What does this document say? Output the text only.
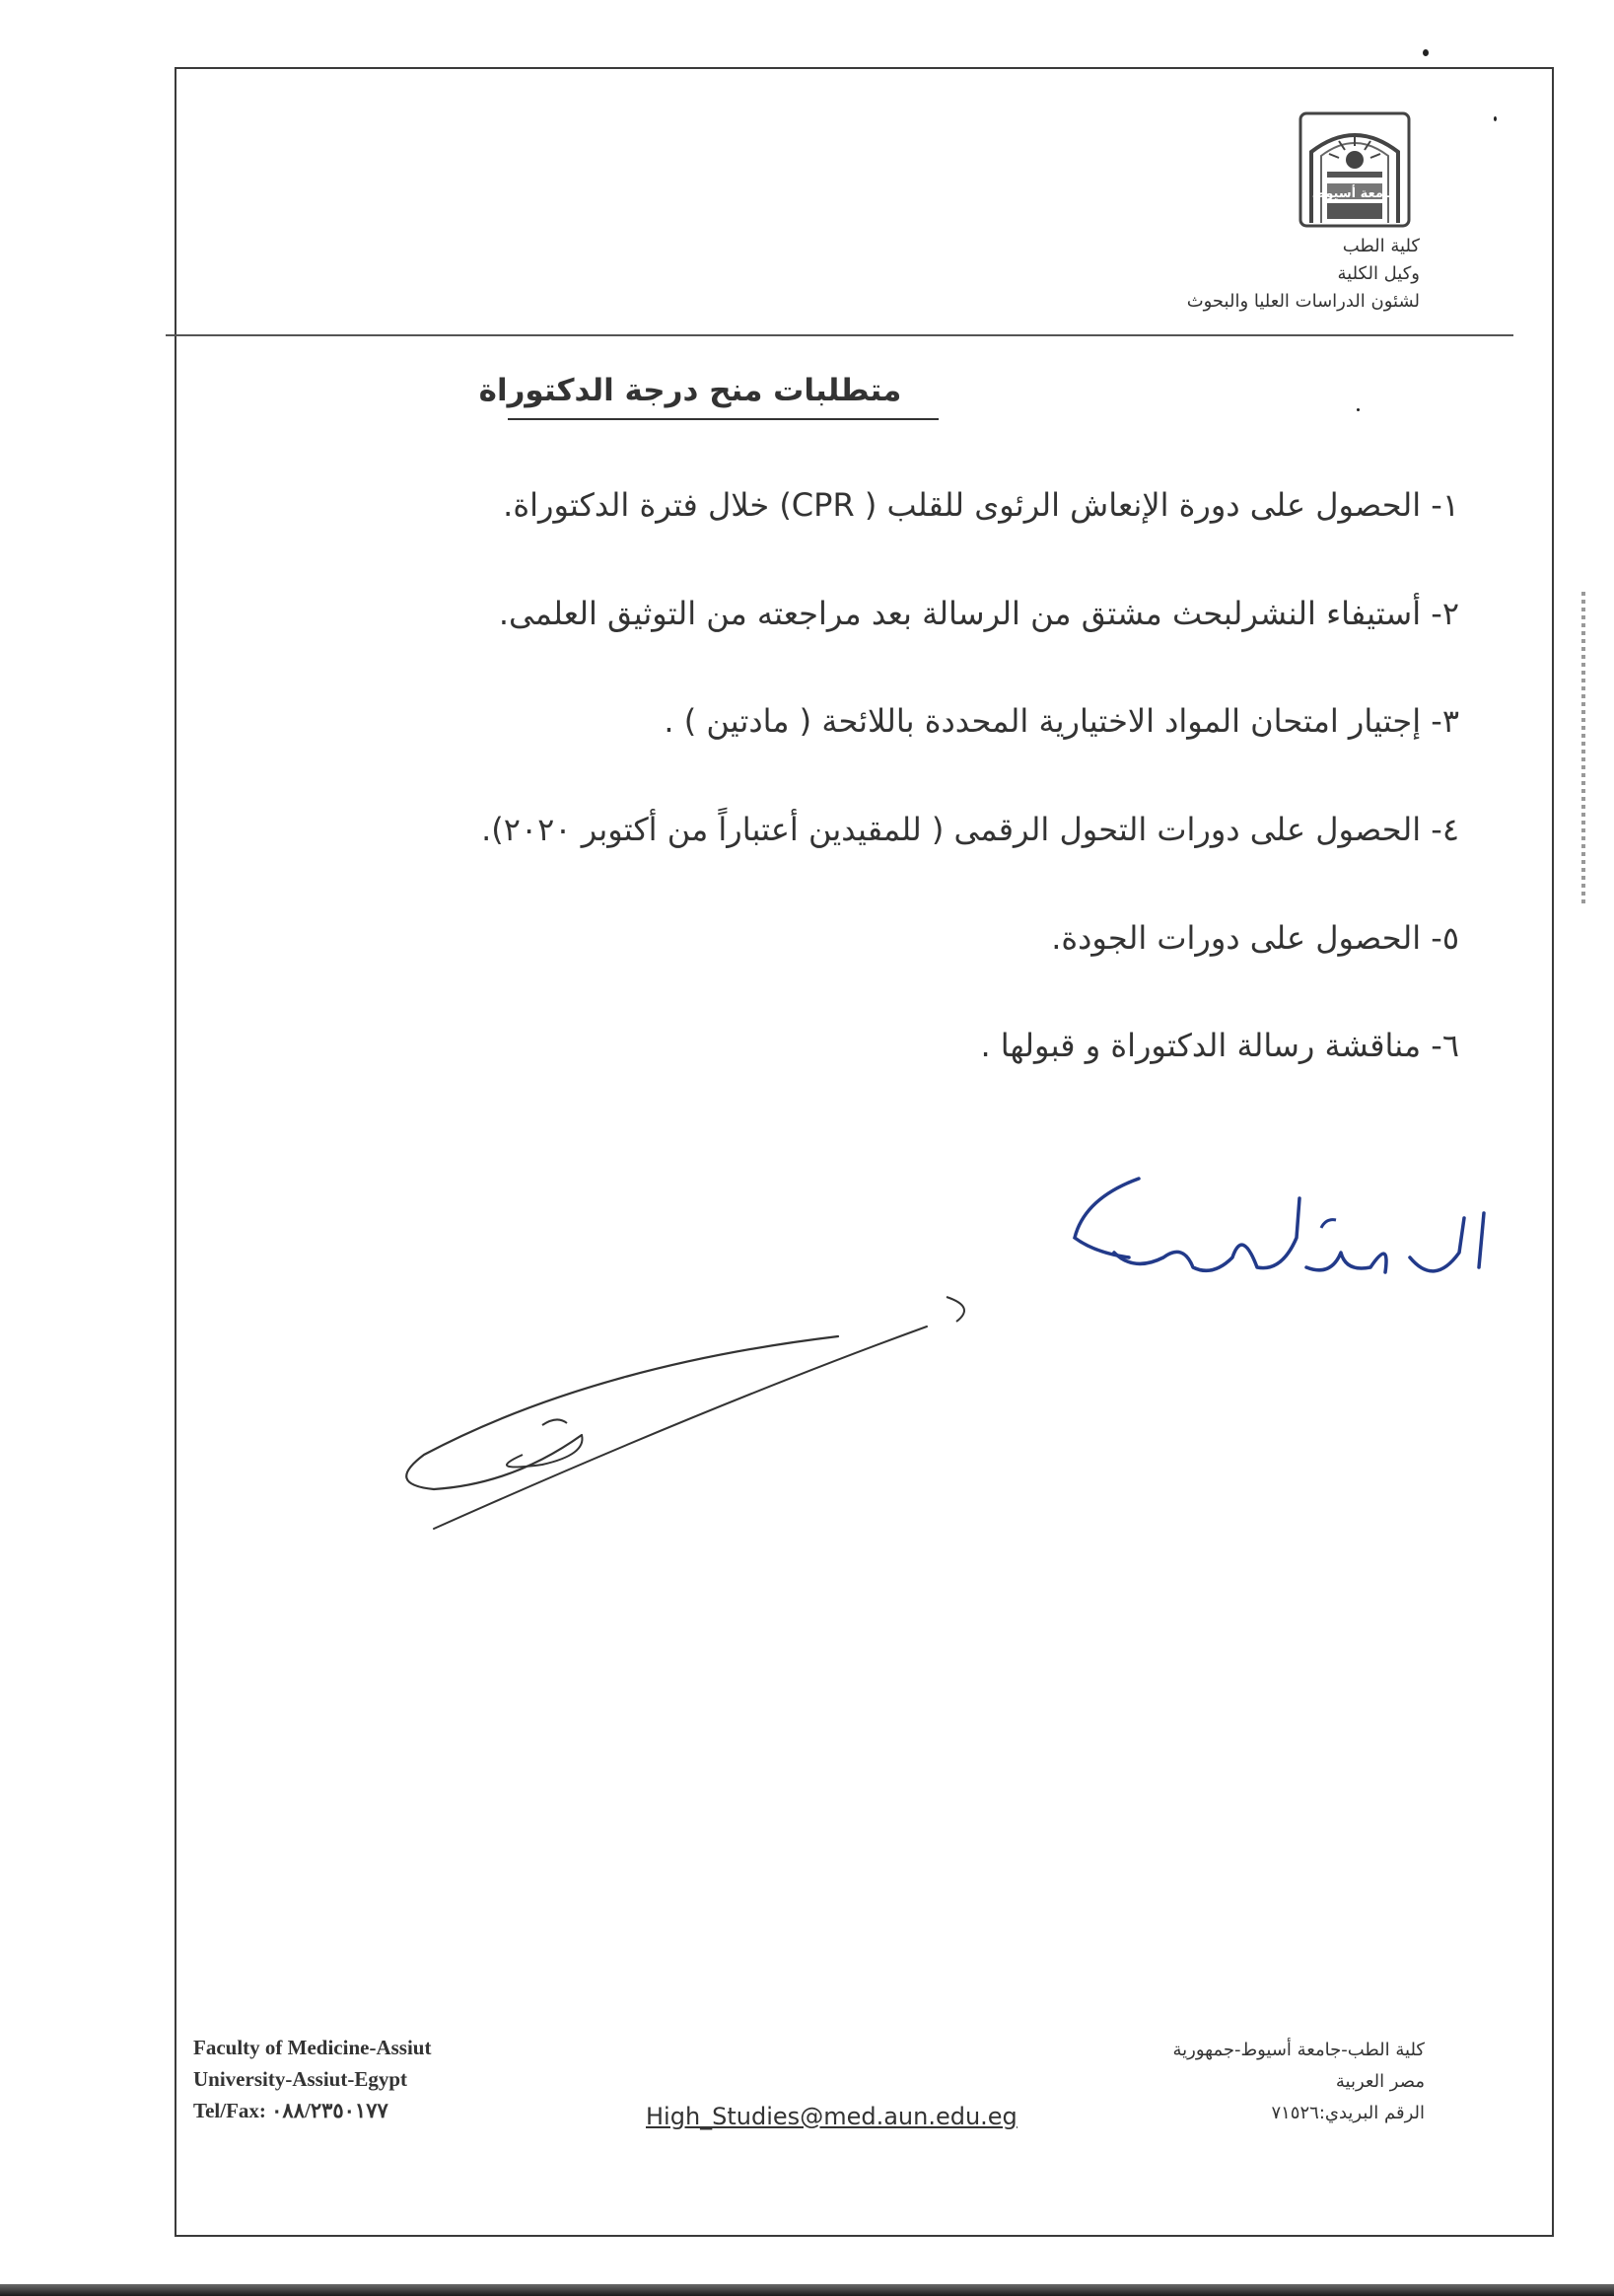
جامعة أسيوط
كلية الطب
وكيل الكلية
لشئون الدراسات العليا والبحوث
متطلبات منح درجة الدكتوراة
١- الحصول على دورة الإنعاش الرئوى للقلب ( CPR) خلال فترة الدكتوراة.
٢- أستيفاء النشرلبحث مشتق من الرسالة بعد مراجعته من التوثيق العلمى.
٣- إجتيار امتحان المواد الاختيارية المحددة باللائحة ( مادتين ) .
٤- الحصول على دورات التحول الرقمى ( للمقيدين أعتباراً من أكتوبر ٢٠٢٠).
٥- الحصول على دورات الجودة.
٦- مناقشة رسالة الدكتوراة و قبولها .
Faculty of Medicine-Assiut
University-Assiut-Egypt
Tel/Fax: ٠٨٨/٢٣٥٠١٧٧	High_Studies@med.aun.edu.eg
كلية الطب-جامعة أسيوط-جمهورية
مصر العربية
الرقم البريدي:٧١٥٢٦
